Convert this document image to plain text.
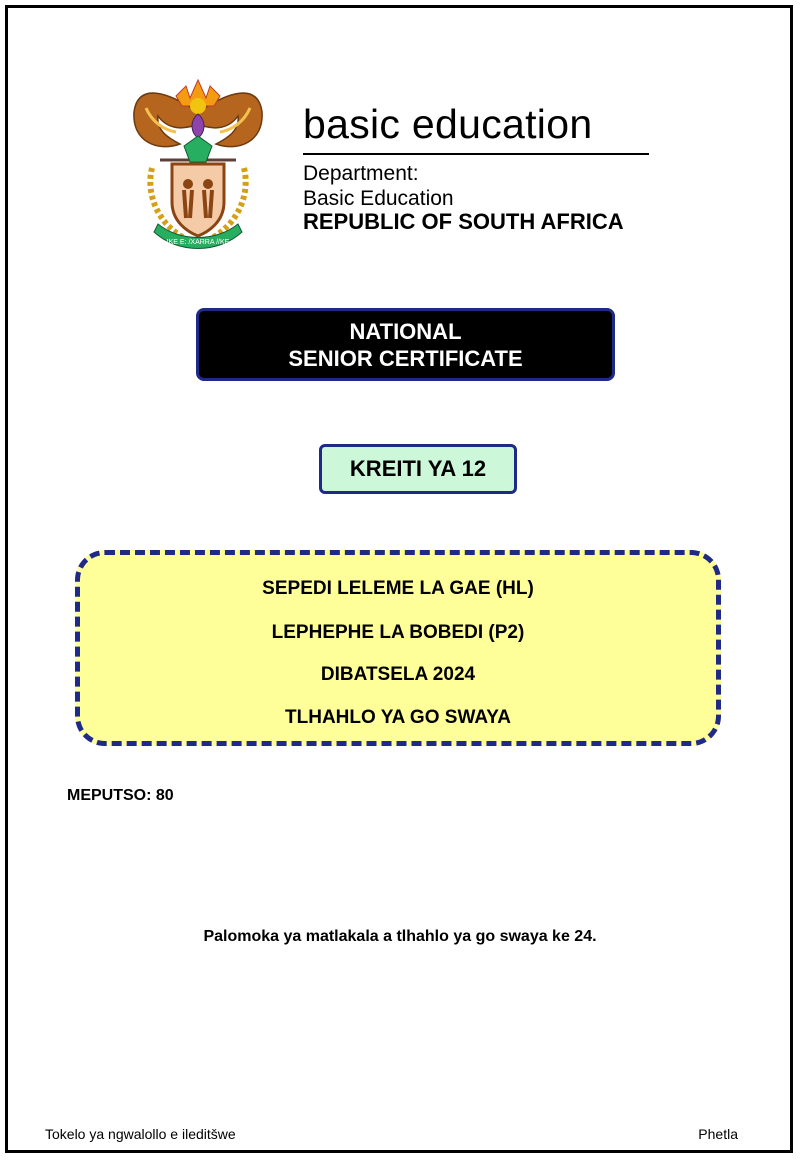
!KE E: /XARRA //KE
basic education
Department:
Basic Education
REPUBLIC OF SOUTH AFRICA
NATIONAL
SENIOR CERTIFICATE
KREITI YA 12
SEPEDI LELEME LA GAE (HL)
LEPHEPHE LA BOBEDI (P2)
DIBATSELA 2024
TLHAHLO YA GO SWAYA
MEPUTSO: 80
Palomoka ya matlakala a tlhahlo ya go swaya ke 24.
Tokelo ya ngwalollo e ileditšwe	Phetla
